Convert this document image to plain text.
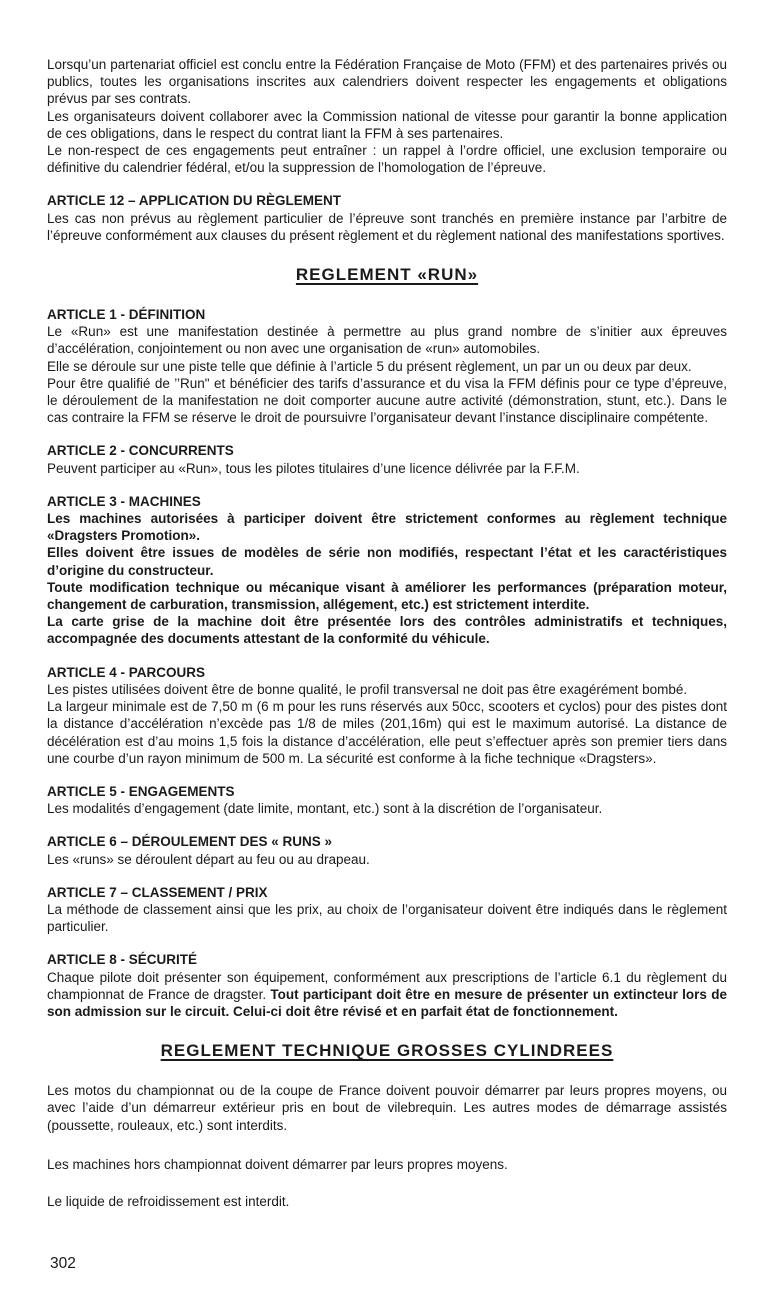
Lorsqu’un partenariat officiel est conclu entre la Fédération Française de Moto (FFM) et des partenaires privés ou publics, toutes les organisations inscrites aux calendriers doivent respecter les engagements et obligations prévus par ses contrats.

Les organisateurs doivent collaborer avec la Commission national de vitesse pour garantir la bonne application de ces obligations, dans le respect du contrat liant la FFM à ses partenaires.

Le non-respect de ces engagements peut entraîner : un rappel à l’ordre officiel, une exclusion temporaire ou définitive du calendrier fédéral, et/ou la suppression de l’homologation de l’épreuve.

ARTICLE 12 – APPLICATION DU RÈGLEMENT

Les cas non prévus au règlement particulier de l’épreuve sont tranchés en première instance par l’arbitre de l’épreuve conformément aux clauses du présent règlement et du règlement national des manifestations sportives.

REGLEMENT «RUN»

ARTICLE 1 - DÉFINITION

Le «Run» est une manifestation destinée à permettre au plus grand nombre de s’initier aux épreuves d’accélération, conjointement ou non avec une organisation de «run» automobiles.

Elle se déroule sur une piste telle que définie à l’article 5 du présent règlement, un par un ou deux par deux.

Pour être qualifié de ’’Run" et bénéficier des tarifs d’assurance et du visa la FFM définis pour ce type d’épreuve, le déroulement de la manifestation ne doit comporter aucune autre activité (démonstration, stunt, etc.). Dans le cas contraire la FFM se réserve le droit de poursuivre l’organisateur devant l’instance disciplinaire compétente.

ARTICLE 2 - CONCURRENTS

Peuvent participer au «Run», tous les pilotes titulaires d’une licence délivrée par la F.F.M.

ARTICLE 3 - MACHINES

Les machines autorisées à participer doivent être strictement conformes au règlement technique «Dragsters Promotion».

Elles doivent être issues de modèles de série non modifiés, respectant l’état et les caractéristiques d’origine du constructeur.

Toute modification technique ou mécanique visant à améliorer les performances (préparation moteur, changement de carburation, transmission, allégement, etc.) est strictement interdite.

La carte grise de la machine doit être présentée lors des contrôles administratifs et techniques, accompagnée des documents attestant de la conformité du véhicule.

ARTICLE 4 - PARCOURS

Les pistes utilisées doivent être de bonne qualité, le profil transversal ne doit pas être exagérément bombé.

La largeur minimale est de 7,50 m (6 m pour les runs réservés aux 50cc, scooters et cyclos) pour des pistes dont la distance d’accélération n’excède pas 1/8 de miles (201,16m) qui est le maximum autorisé. La distance de décélération est d’au moins 1,5 fois la distance d’accélération, elle peut s’effectuer après son premier tiers dans une courbe d’un rayon minimum de 500 m. La sécurité est conforme à la fiche technique «Dragsters».

ARTICLE 5 - ENGAGEMENTS

Les modalités d’engagement (date limite, montant, etc.) sont à la discrétion de l’organisateur.

ARTICLE 6 – DÉROULEMENT DES « RUNS »

Les «runs» se déroulent départ au feu ou au drapeau.

ARTICLE 7 – CLASSEMENT / PRIX

La méthode de classement ainsi que les prix, au choix de l’organisateur doivent être indiqués dans le règlement particulier.

ARTICLE 8 - SÉCURITÉ

Chaque pilote doit présenter son équipement, conformément aux prescriptions de l’article 6.1 du règlement du championnat de France de dragster. Tout participant doit être en mesure de présenter un extincteur lors de son admission sur le circuit. Celui-ci doit être révisé et en parfait état de fonctionnement.

REGLEMENT TECHNIQUE GROSSES CYLINDREES

Les motos du championnat ou de la coupe de France doivent pouvoir démarrer par leurs propres moyens, ou avec l’aide d’un démarreur extérieur pris en bout de vilebrequin. Les autres modes de démarrage assistés (poussette, rouleaux, etc.) sont interdits.

Les machines hors championnat doivent démarrer par leurs propres moyens.

Le liquide de refroidissement est interdit.

302
